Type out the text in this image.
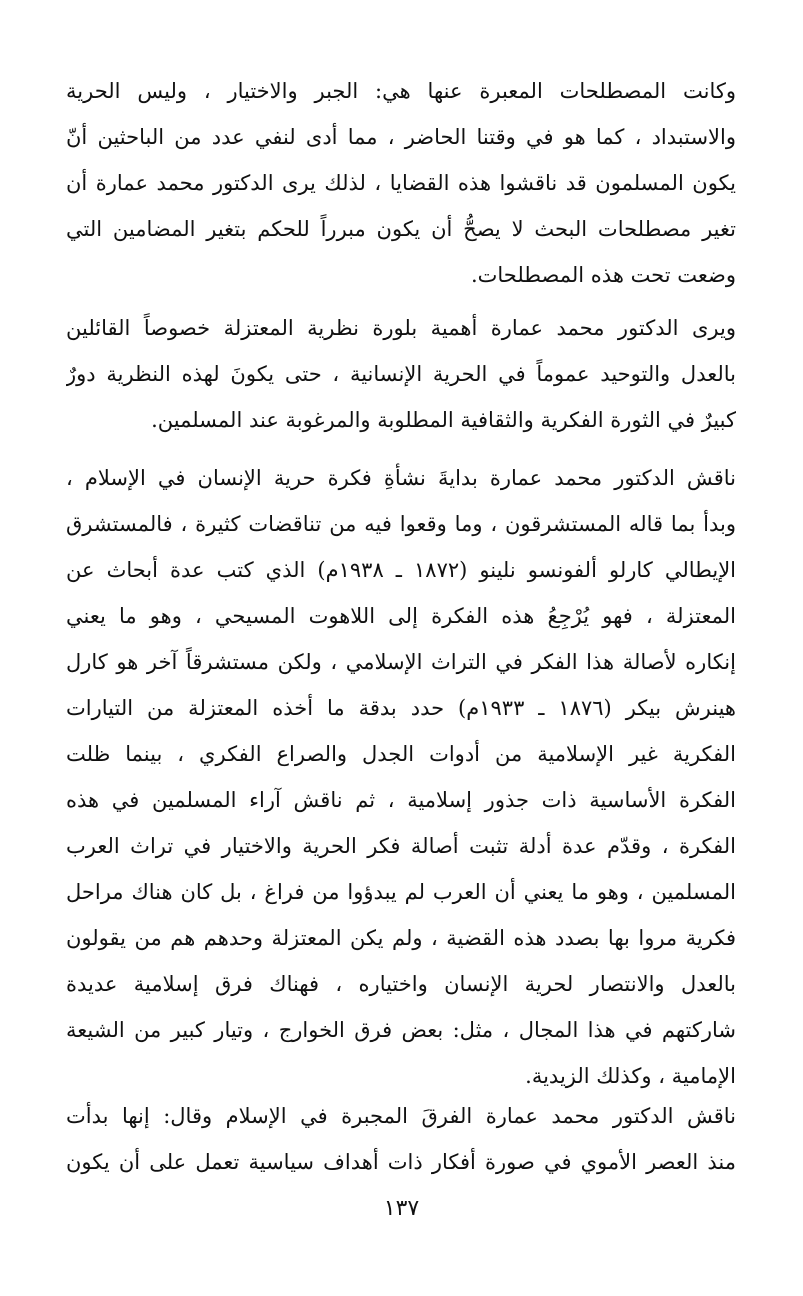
وكانت المصطلحات المعبرة عنها هي: الجبر والاختيار ، وليس الحرية
والاستبداد ، كما هو في وقتنا الحاضر ، مما أدى لنفي عدد من الباحثين أنّ
يكون المسلمون قد ناقشوا هذه القضايا ، لذلك يرى الدكتور محمد عمارة أن
تغير مصطلحات البحث لا يصحُّ أن يكون مبرراً للحكم بتغير المضامين التي
وضعت تحت هذه المصطلحات.
ويرى الدكتور محمد عمارة أهمية بلورة نظرية المعتزلة خصوصاً القائلين
بالعدل والتوحيد عموماً في الحرية الإنسانية ، حتى يكونَ لهذه النظرية دورٌ
كبيرٌ في الثورة الفكرية والثقافية المطلوبة والمرغوبة عند المسلمين.
ناقش الدكتور محمد عمارة بدايةَ نشأةِ فكرة حرية الإنسان في الإسلام ،
وبدأ بما قاله المستشرقون ، وما وقعوا فيه من تناقضات كثيرة ، فالمستشرق
الإيطالي كارلو ألفونسو نلينو (١٨٧٢ ـ ١٩٣٨م) الذي كتب عدة أبحاث عن
المعتزلة ، فهو يُرْجِعُ هذه الفكرة إلى اللاهوت المسيحي ، وهو ما يعني
إنكاره لأصالة هذا الفكر في التراث الإسلامي ، ولكن مستشرقاً آخر هو كارل
هينرش بيكر (١٨٧٦ ـ ١٩٣٣م) حدد بدقة ما أخذه المعتزلة من التيارات
الفكرية غير الإسلامية من أدوات الجدل والصراع الفكري ، بينما ظلت
الفكرة الأساسية ذات جذور إسلامية ، ثم ناقش آراء المسلمين في هذه
الفكرة ، وقدّم عدة أدلة تثبت أصالة فكر الحرية والاختيار في تراث العرب
المسلمين ، وهو ما يعني أن العرب لم يبدؤوا من فراغ ، بل كان هناك مراحل
فكرية مروا بها بصدد هذه القضية ، ولم يكن المعتزلة وحدهم هم من يقولون
بالعدل والانتصار لحرية الإنسان واختياره ، فهناك فرق إسلامية عديدة
شاركتهم في هذا المجال ، مثل: بعض فرق الخوارج ، وتيار كبير من الشيعة
الإمامية ، وكذلك الزيدية.
ناقش الدكتور محمد عمارة الفرقَ المجبرة في الإسلام وقال: إنها بدأت
منذ العصر الأموي في صورة أفكار ذات أهداف سياسية تعمل على أن يكون
١٣٧
